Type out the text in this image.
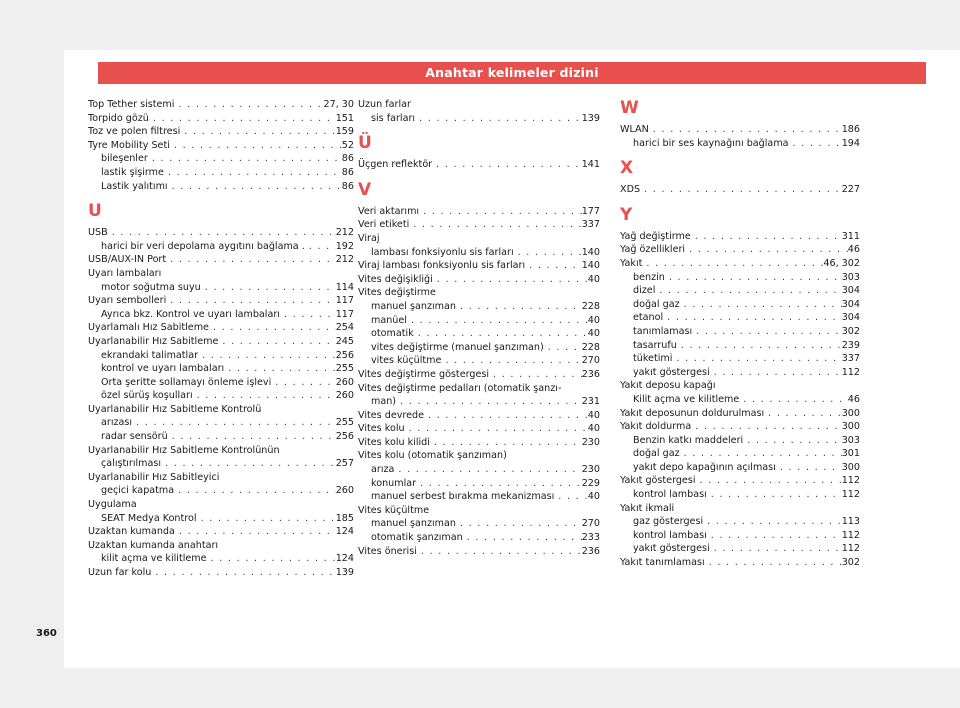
Anahtar kelimeler dizini
Top Tether sistemi . . .	27, 30
Torpido gözü . . .	151
Toz ve polen filtresi . . .	159
Tyre Mobility Seti . . .	52
bileşenler . . .	86
lastik şişirme . . .	86
Lastik yalıtımı . . .	86
U
USB . . .	212
harici bir veri depolama aygıtını bağlama . . . .	192
USB/AUX-IN Port . . .	212
Uyarı lambaları
motor soğutma suyu . . .	114
Uyarı sembolleri . . .	117
Ayrıca bkz. Kontrol ve uyarı lambaları . . .	117
Uyarlamalı Hız Sabitleme . . .	254
Uyarlanabilir Hız Sabitleme . . .	245
ekrandaki talimatlar . . .	256
kontrol ve uyarı lambaları . . .	255
Orta şeritte sollamayı önleme işlevi . . .	260
özel sürüş koşulları . . .	260
Uyarlanabilir Hız Sabitleme Kontrolü
arızası . . .	255
radar sensörü . . .	256
Uyarlanabilir Hız Sabitleme Kontrolünün
çalıştırılması . . .	257
Uyarlanabilir Hız Sabitleyici
geçici kapatma . . .	260
Uygulama
SEAT Medya Kontrol . . .	185
Uzaktan kumanda . . .	124
Uzaktan kumanda anahtarı
kilit açma ve kilitleme . . .	124
Uzun far kolu . . .	139
Uzun farlar
sis farları . . .	139
Ü
Üçgen reflektör . . .	141
V
Veri aktarımı . . .	177
Veri etiketi . . .	337
Viraj
lambası fonksiyonlu sis farları . . .	140
Viraj lambası fonksiyonlu sis farları . . .	140
Vites değişikliği . . .	40
Vites değiştirme
manuel şanzıman . . .	228
manüel . . .	40
otomatik . . .	40
vites değiştirme (manuel şanzıman) . . .	228
vites küçültme . . .	270
Vites değiştirme göstergesi . . .	236
Vites değiştirme pedalları (otomatik şanzı-
man) . . .	231
Vites devrede . . .	40
Vites kolu . . .	40
Vites kolu kilidi . . .	230
Vites kolu (otomatik şanzıman)
arıza . . .	230
konumlar . . .	229
manuel serbest bırakma mekanizması . . .	40
Vites küçültme
manuel şanzıman . . .	270
otomatik şanzıman . . .	233
Vites önerisi . . .	236
W
WLAN . . .	186
harici bir ses kaynağını bağlama . . .	194
X
XDS . . .	227
Y
Yağ değiştirme . . .	311
Yağ özellikleri . . .	46
Yakıt . . .	46, 302
benzin . . .	303
dizel . . .	304
doğal gaz . . .	304
etanol . . .	304
tanımlaması . . .	302
tasarrufu . . .	239
tüketimi . . .	337
yakıt göstergesi . . .	112
Yakıt deposu kapağı
Kilit açma ve kilitleme . . .	46
Yakıt deposunun doldurulması . . .	300
Yakıt doldurma . . .	300
Benzin katkı maddeleri . . .	303
doğal gaz . . .	301
yakıt depo kapağının açılması . . .	300
Yakıt göstergesi . . .	112
kontrol lambası . . .	112
Yakıt ikmali
gaz göstergesi . . .	113
kontrol lambası . . .	112
yakıt göstergesi . . .	112
Yakıt tanımlaması . . .	302
360
